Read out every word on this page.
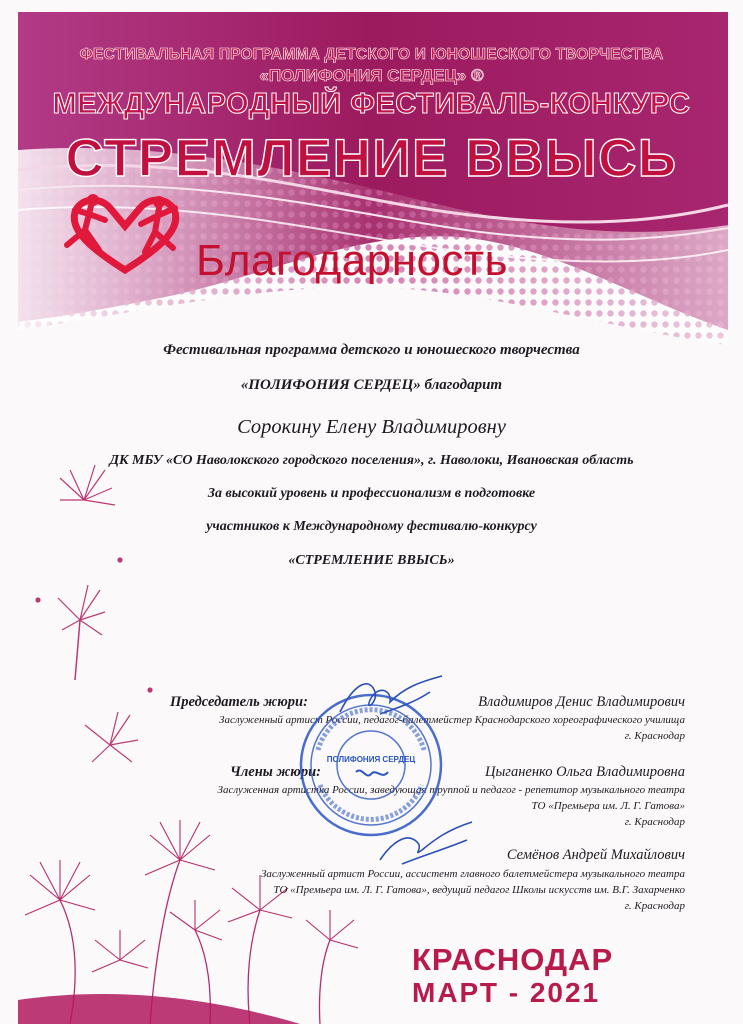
ФЕСТИВАЛЬНАЯ ПРОГРАММА ДЕТСКОГО И ЮНОШЕСКОГО ТВОРЧЕСТВА
«ПОЛИФОНИЯ СЕРДЕЦ» ®
МЕЖДУНАРОДНЫЙ ФЕСТИВАЛЬ-КОНКУРС
СТРЕМЛЕНИЕ ВВЫСЬ
Благодарность
Фестивальная программа детского и юношеского творчества
«ПОЛИФОНИЯ СЕРДЕЦ» благодарит
Сорокину Елену Владимировну
ДК МБУ «СО Наволокского городского поселения», г. Наволоки, Ивановская область
За высокий уровень и профессионализм в подготовке
участников к Международному фестивалю-конкурсу
«СТРЕМЛЕНИЕ ВВЫСЬ»
Председатель жюри:	Владимиров Денис Владимирович
Заслуженный артист России, педагог-балетмейстер Краснодарского хореографического училища
г. Краснодар
Члены жюри:	Цыганенко Ольга Владимировна
Заслуженная артистка России, заведующая труппой и педагог - репетитор музыкального театра
ТО «Премьера им. Л. Г. Гатова»
г. Краснодар
Семёнов Андрей Михайлович
Заслуженный артист России, ассистент главного балетмейстера музыкального театра
ТО «Премьера им. Л. Г. Гатова», ведущий педагог Школы искусств им. В.Г. Захарченко
г. Краснодар
ПОЛИФОНИЯ СЕРДЕЦ
КРАСНОДАР
МАРТ - 2021
